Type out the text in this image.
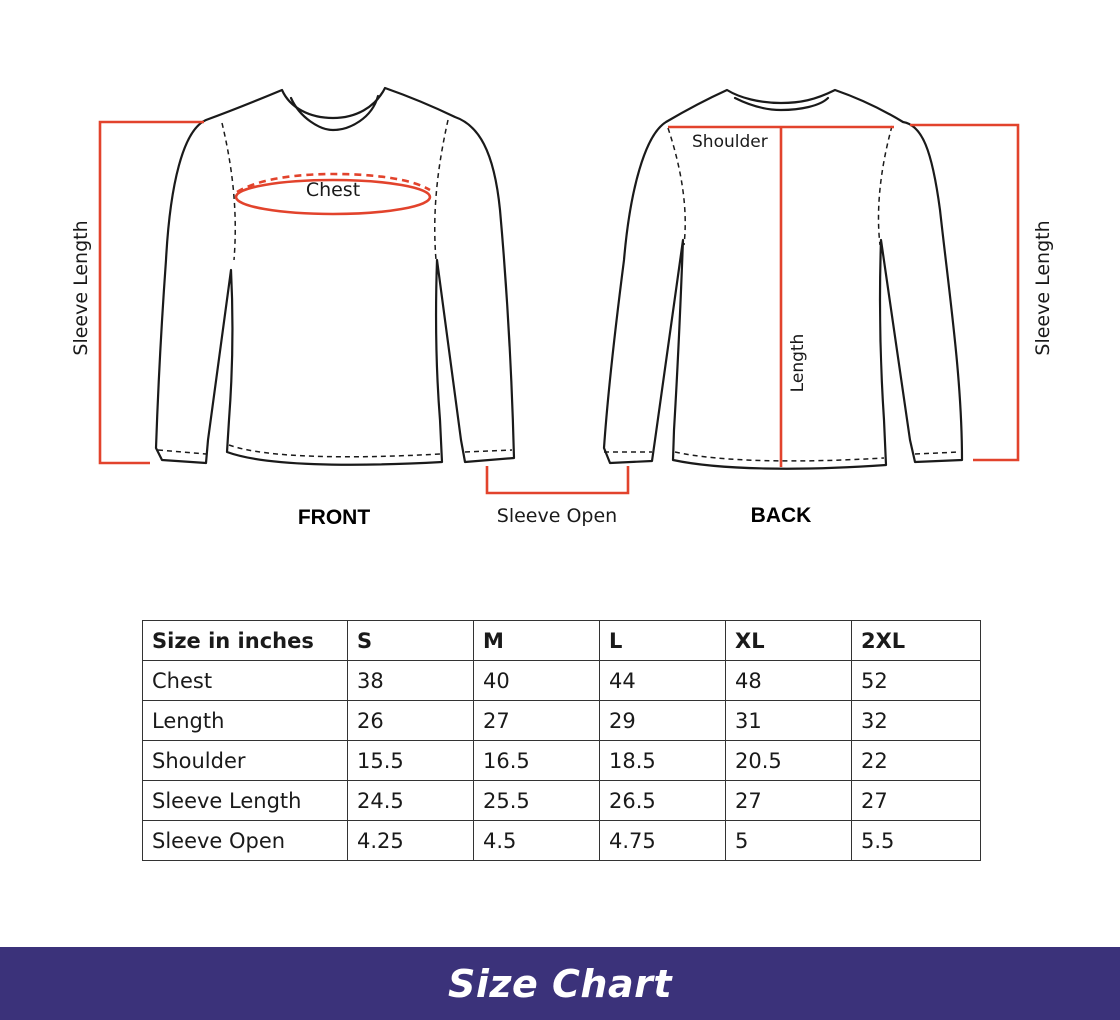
Chest
Sleeve Length
Shoulder
Length
Sleeve Length
Sleeve Open
FRONT	BACK
Size in inches	S	M	L	XL	2XL
Chest	38	40	44	48	52
Length	26	27	29	31	32
Shoulder	15.5	16.5	18.5	20.5	22
Sleeve Length	24.5	25.5	26.5	27	27
Sleeve Open	4.25	4.5	4.75	5	5.5
Size Chart
